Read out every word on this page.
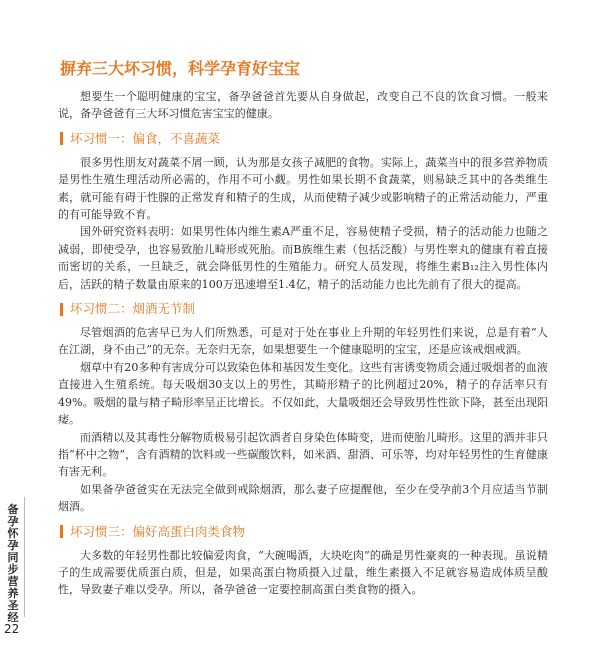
摒弃三大坏习惯，科学孕育好宝宝

想要生一个聪明健康的宝宝，备孕爸爸首先要从自身做起，改变自己不良的饮食习惯。一般来说，备孕爸爸有三大坏习惯危害宝宝的健康。

坏习惯一：偏食，不喜蔬菜

很多男性朋友对蔬菜不屑一顾，认为那是女孩子减肥的食物。实际上，蔬菜当中的很多营养物质是男性生殖生理活动所必需的，作用不可小觑。男性如果长期不食蔬菜，则易缺乏其中的各类维生素，就可能有碍于性腺的正常发育和精子的生成，从而使精子减少或影响精子的正常活动能力，严重的有可能导致不育。

国外研究资料表明：如果男性体内维生素A严重不足，容易使精子受损，精子的活动能力也随之减弱，即使受孕，也容易致胎儿畸形或死胎。而B族维生素（包括泛酸）与男性睾丸的健康有着直接而密切的关系，一旦缺乏，就会降低男性的生殖能力。研究人员发现，将维生素B₁₂注入男性体内后，活跃的精子数量由原来的100万迅速增至1.4亿，精子的活动能力也比先前有了很大的提高。

坏习惯二：烟酒无节制

尽管烟酒的危害早已为人们所熟悉，可是对于处在事业上升期的年轻男性们来说，总是有着“人在江湖，身不由己”的无奈。无奈归无奈，如果想要生一个健康聪明的宝宝，还是应该戒烟戒酒。

烟草中有20多种有害成分可以致染色体和基因发生变化。这些有害诱变物质会通过吸烟者的血液直接进入生殖系统。每天吸烟30支以上的男性，其畸形精子的比例超过20%，精子的存活率只有49%。吸烟的量与精子畸形率呈正比增长。不仅如此，大量吸烟还会导致男性性欲下降，甚至出现阳痿。

而酒精以及其毒性分解物质极易引起饮酒者自身染色体畸变，进而使胎儿畸形。这里的酒并非只指“杯中之物”，含有酒精的饮料或一些碳酸饮料，如米酒、甜酒、可乐等，均对年轻男性的生育健康有害无利。

如果备孕爸爸实在无法完全做到戒除烟酒，那么妻子应提醒他，至少在受孕前3个月应适当节制烟酒。

坏习惯三：偏好高蛋白肉类食物

大多数的年轻男性都比较偏爱肉食，“大碗喝酒，大块吃肉”的确是男性豪爽的一种表现。虽说精子的生成需要优质蛋白质，但是，如果高蛋白物质摄入过量，维生素摄入不足就容易造成体质呈酸性，导致妻子难以受孕。所以，备孕爸爸一定要控制高蛋白类食物的摄入。

备孕怀孕同步营养圣经
22
